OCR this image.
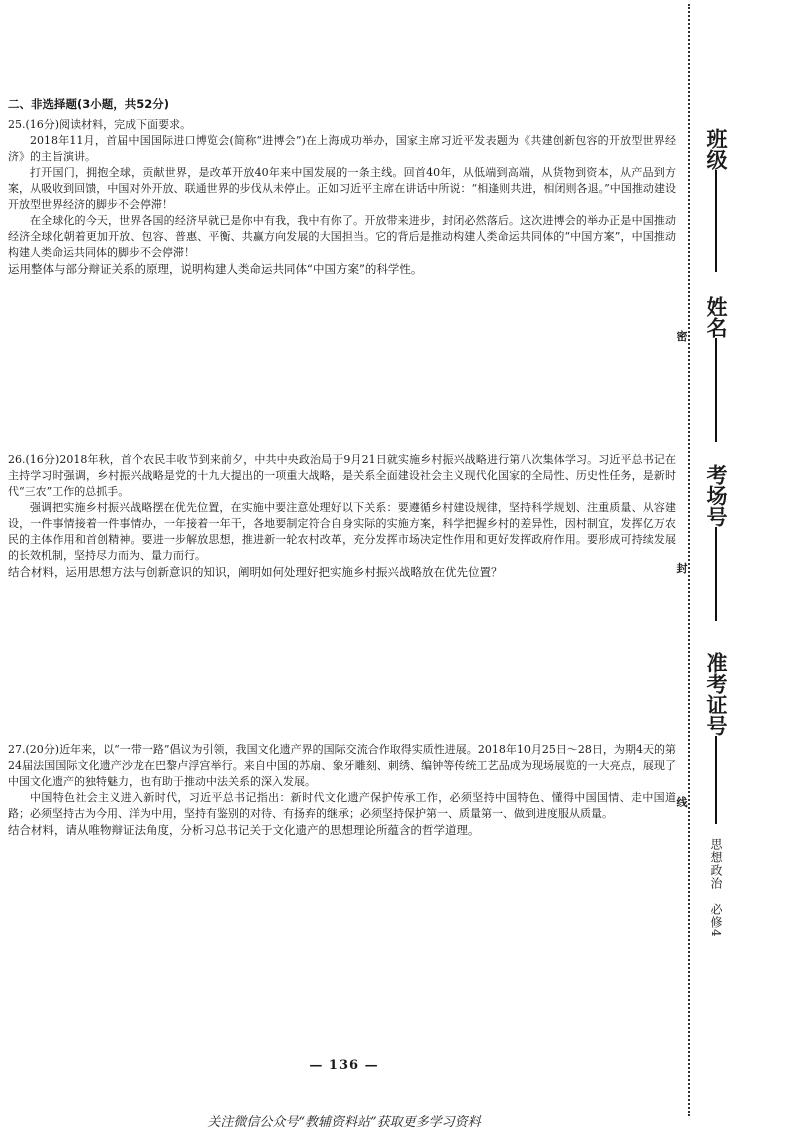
二、非选择题(3小题，共52分)

25.(16分)阅读材料，完成下面要求。

2018年11月，首届中国国际进口博览会(简称“进博会”)在上海成功举办，国家主席习近平发表题为《共建创新包容的开放型世界经济》的主旨演讲。

打开国门，拥抱全球，贡献世界，是改革开放40年来中国发展的一条主线。回首40年，从低端到高端，从货物到资本，从产品到方案，从吸收到回馈，中国对外开放、联通世界的步伐从未停止。正如习近平主席在讲话中所说：“相逢则共进，相闭则各退。”中国推动建设开放型世界经济的脚步不会停滞！

在全球化的今天，世界各国的经济早就已是你中有我，我中有你了。开放带来进步，封闭必然落后。这次进博会的举办正是中国推动经济全球化朝着更加开放、包容、普惠、平衡、共赢方向发展的大国担当。它的背后是推动构建人类命运共同体的“中国方案”，中国推动构建人类命运共同体的脚步不会停滞！

运用整体与部分辩证关系的原理，说明构建人类命运共同体“中国方案”的科学性。

26.(16分)2018年秋，首个农民丰收节到来前夕，中共中央政治局于9月21日就实施乡村振兴战略进行第八次集体学习。习近平总书记在主持学习时强调，乡村振兴战略是党的十九大提出的一项重大战略，是关系全面建设社会主义现代化国家的全局性、历史性任务，是新时代“三农”工作的总抓手。

强调把实施乡村振兴战略摆在优先位置，在实施中要注意处理好以下关系：要遵循乡村建设规律，坚持科学规划、注重质量、从容建设，一件事情接着一件事情办，一年接着一年干，各地要制定符合自身实际的实施方案，科学把握乡村的差异性，因村制宜，发挥亿万农民的主体作用和首创精神。要进一步解放思想，推进新一轮农村改革，充分发挥市场决定性作用和更好发挥政府作用。要形成可持续发展的长效机制，坚持尽力而为、量力而行。

结合材料，运用思想方法与创新意识的知识，阐明如何处理好把实施乡村振兴战略放在优先位置？

27.(20分)近年来，以“一带一路”倡议为引领，我国文化遗产界的国际交流合作取得实质性进展。2018年10月25日～28日，为期4天的第24届法国国际文化遗产沙龙在巴黎卢浮宫举行。来自中国的苏扇、象牙雕刻、刺绣、编钟等传统工艺品成为现场展览的一大亮点，展现了中国文化遗产的独特魅力，也有助于推动中法关系的深入发展。

中国特色社会主义进入新时代，习近平总书记指出：新时代文化遗产保护传承工作，必须坚持中国特色、懂得中国国情、走中国道路；必须坚持古为今用、洋为中用，坚持有鉴别的对待、有扬弃的继承；必须坚持保护第一、质量第一、做到进度服从质量。

结合材料，请从唯物辩证法角度，分析习总书记关于文化遗产的思想理论所蕴含的哲学道理。

— 136 —
关注微信公众号“教辅资料站”获取更多学习资料
班级
姓名
考场号
准考证号
密
封
线
思想政治　必修4
